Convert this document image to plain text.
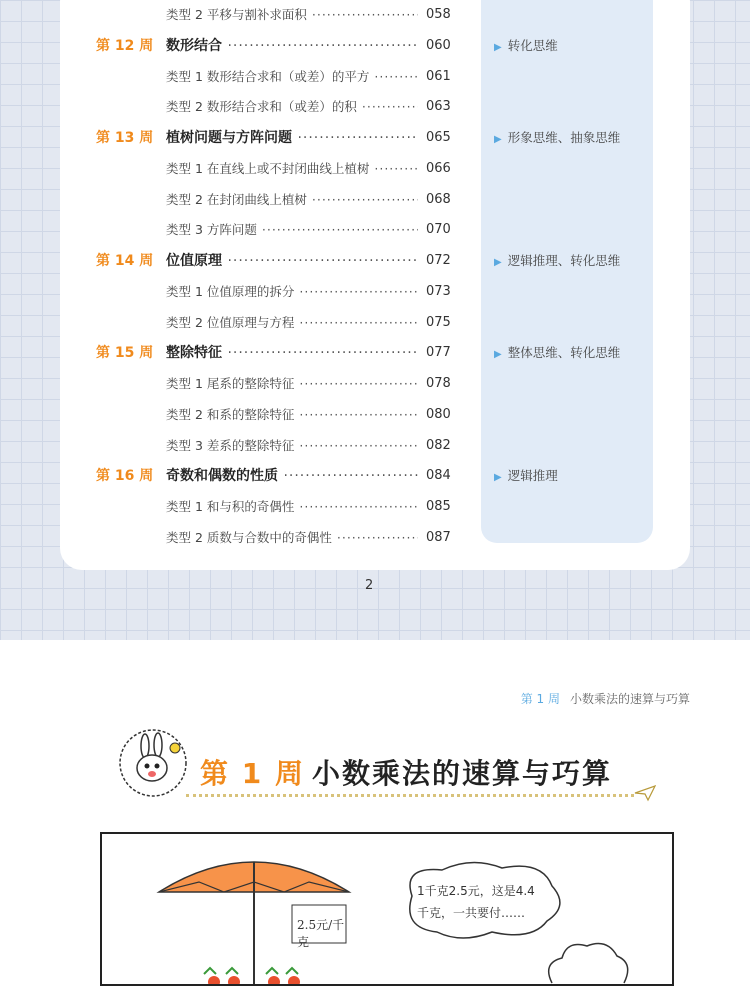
类型 2 平移与割补求面积 ·····	058
第 12 周 数形结合 ·····	060	▶ 转化思维
类型 1 数形结合求和（或差）的平方 ·····	061
类型 2 数形结合求和（或差）的积 ·····	063
第 13 周 植树问题与方阵问题 ·····	065	▶ 形象思维、抽象思维
类型 1 在直线上或不封闭曲线上植树 ·····	066
类型 2 在封闭曲线上植树 ·····	068
类型 3 方阵问题 ·····	070
第 14 周 位值原理 ·····	072	▶ 逻辑推理、转化思维
类型 1 位值原理的拆分 ·····	073
类型 2 位值原理与方程 ·····	075
第 15 周 整除特征 ·····	077	▶ 整体思维、转化思维
类型 1 尾系的整除特征 ·····	078
类型 2 和系的整除特征 ·····	080
类型 3 差系的整除特征 ·····	082
第 16 周 奇数和偶数的性质 ·····	084	▶ 逻辑推理
类型 1 和与积的奇偶性 ·····	085
类型 2 质数与合数中的奇偶性 ·····	087
2
第 1 周 小数乘法的速算与巧算
第 1 周 小数乘法的速算与巧算
2.5元/千克
1千克2.5元，这是4.4
千克，一共要付……
